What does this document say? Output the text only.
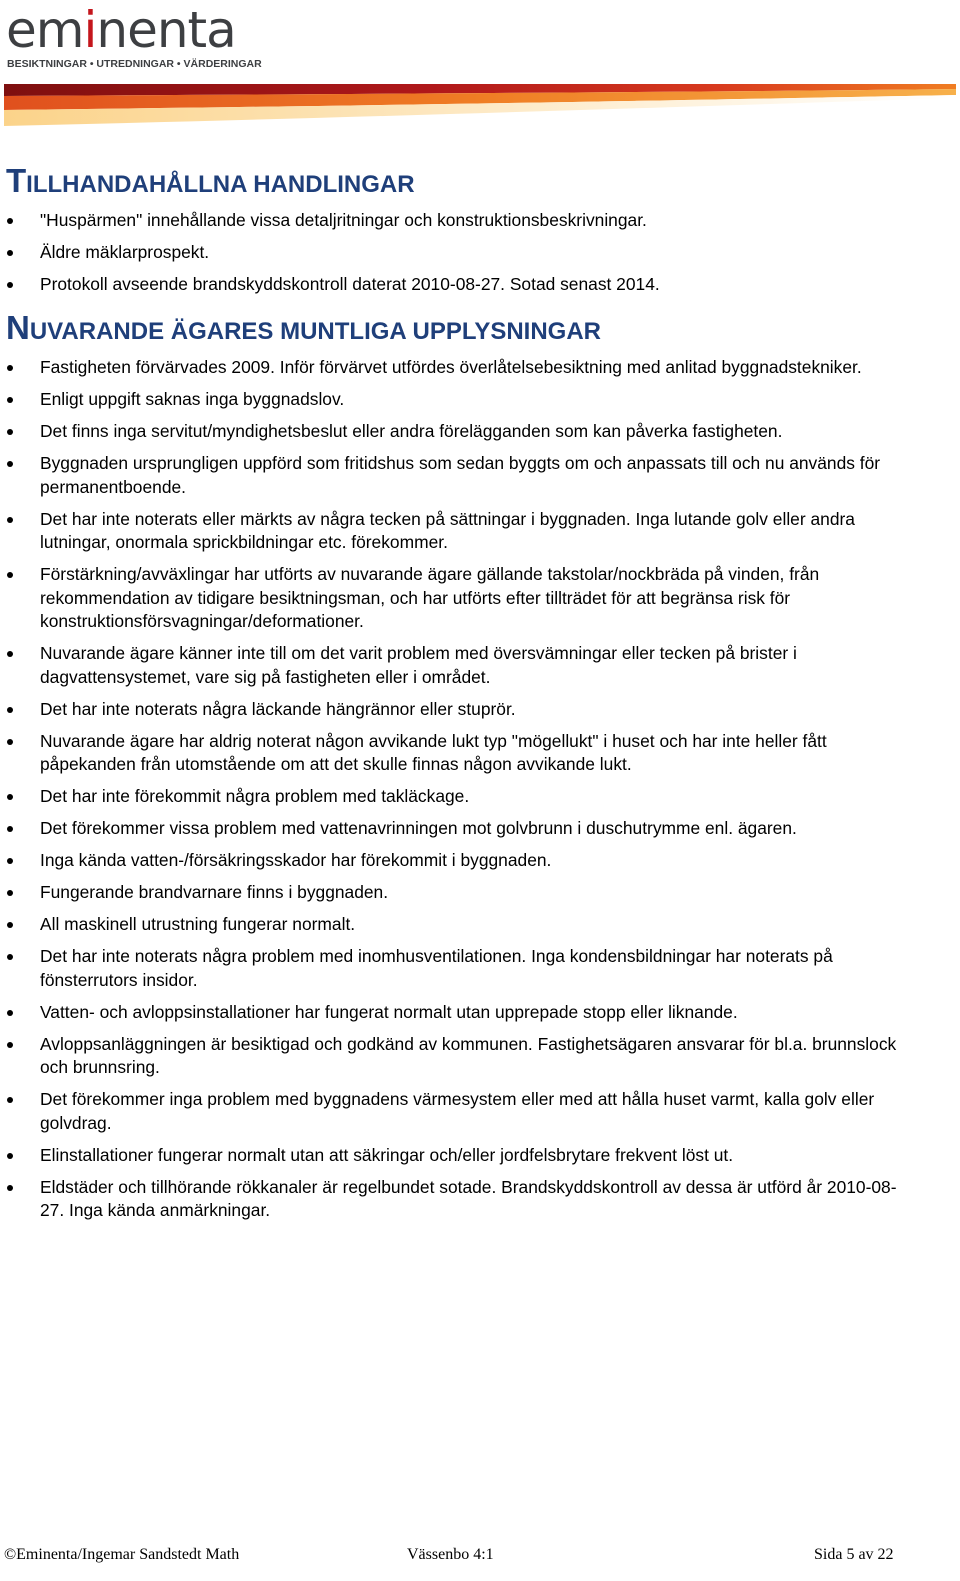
eminenta
BESIKTNINGAR • UTREDNINGAR • VÄRDERINGAR
TILLHANDAHÅLLNA HANDLINGAR
"Huspärmen" innehållande vissa detaljritningar och konstruktionsbeskrivningar.
Äldre mäklarprospekt.
Protokoll avseende brandskyddskontroll daterat 2010-08-27. Sotad senast 2014.
NUVARANDE ÄGARES MUNTLIGA UPPLYSNINGAR
Fastigheten förvärvades 2009. Inför förvärvet utfördes överlåtelsebesiktning med anlitad byggnadstekniker.
Enligt uppgift saknas inga byggnadslov.
Det finns inga servitut/myndighetsbeslut eller andra förelägganden som kan påverka fastigheten.
Byggnaden ursprungligen uppförd som fritidshus som sedan byggts om och anpassats till och nu används för permanentboende.
Det har inte noterats eller märkts av några tecken på sättningar i byggnaden. Inga lutande golv eller andra lutningar, onormala sprickbildningar etc. förekommer.
Förstärkning/avväxlingar har utförts av nuvarande ägare gällande takstolar/nockbräda på vinden, från rekommendation av tidigare besiktningsman, och har utförts efter tillträdet för att begränsa risk för konstruktionsförsvagningar/deformationer.
Nuvarande ägare känner inte till om det varit problem med översvämningar eller tecken på brister i dagvattensystemet, vare sig på fastigheten eller i området.
Det har inte noterats några läckande hängrännor eller stuprör.
Nuvarande ägare har aldrig noterat någon avvikande lukt typ "mögellukt" i huset och har inte heller fått påpekanden från utomstående om att det skulle finnas någon avvikande lukt.
Det har inte förekommit några problem med takläckage.
Det förekommer vissa problem med vattenavrinningen mot golvbrunn i duschutrymme enl. ägaren.
Inga kända vatten-/försäkringsskador har förekommit i byggnaden.
Fungerande brandvarnare finns i byggnaden.
All maskinell utrustning fungerar normalt.
Det har inte noterats några problem med inomhusventilationen. Inga kondensbildningar har noterats på fönsterrutors insidor.
Vatten- och avloppsinstallationer har fungerat normalt utan upprepade stopp eller liknande.
Avloppsanläggningen är besiktigad och godkänd av kommunen. Fastighetsägaren ansvarar för bl.a. brunnslock och brunnsring.
Det förekommer inga problem med byggnadens värmesystem eller med att hålla huset varmt, kalla golv eller golvdrag.
Elinstallationer fungerar normalt utan att säkringar och/eller jordfelsbrytare frekvent löst ut.
Eldstäder och tillhörande rökkanaler är regelbundet sotade. Brandskyddskontroll av dessa är utförd år 2010-08-27. Inga kända anmärkningar.
©Eminenta/Ingemar Sandstedt Math	Vässenbo 4:1	Sida 5 av 22
